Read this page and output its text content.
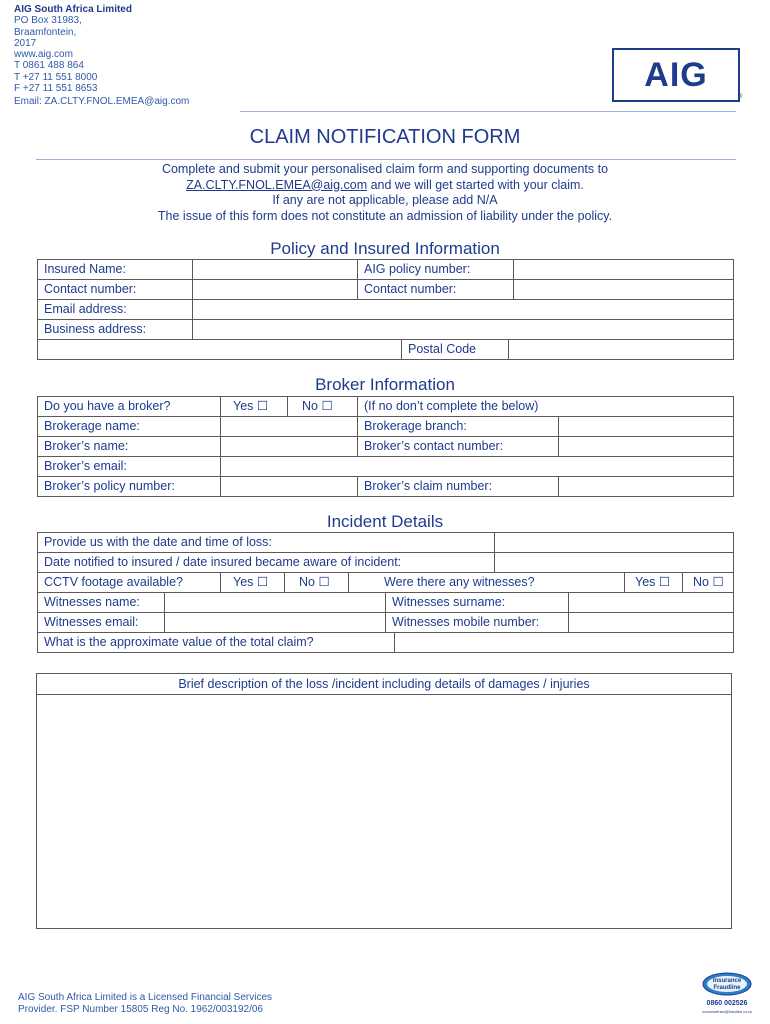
AIG South Africa Limited
PO Box 31983,
Braamfontein,
2017
www.aig.com
T 0861 488 864
T +27 11 551 8000
F +27 11 551 8653
Email: ZA.CLTY.FNOL.EMEA@aig.com
AIG
®
CLAIM NOTIFICATION FORM
Complete and submit your personalised claim form and supporting documents to
ZA.CLTY.FNOL.EMEA@aig.com and we will get started with your claim.
If any are not applicable, please add N/A
The issue of this form does not constitute an admission of liability under the policy.
Policy and Insured Information
Insured Name:		AIG policy number:	
Contact number:		Contact number:	
Email address:			
Business address:			
	Postal Code	
Broker Information
Do you have a broker?	Yes ☐	No ☐	(If no don’t complete the below)	
Brokerage name:			Brokerage branch:	
Broker’s name:			Broker’s contact number:	
Broker’s email:				
Broker’s policy number:			Broker’s claim number:	
Incident Details
Provide us with the date and time of loss:	
Date notified to insured / date insured became aware of incident:	
CCTV footage available?	Yes ☐	No ☐	Were there any witnesses?	Yes ☐	No ☐
Witnesses name:		Witnesses surname:	
Witnesses email:		Witnesses mobile number:	
What is the approximate value of the total claim?	
Brief description of the loss /incident including details of damages / injuries
AIG South Africa Limited is a Licensed Financial Services
Provider. FSP Number 15805 Reg No. 1962/003192/06
Insurance
Fraudline
0860 002526
insurancefraud@fraudline.co.za
